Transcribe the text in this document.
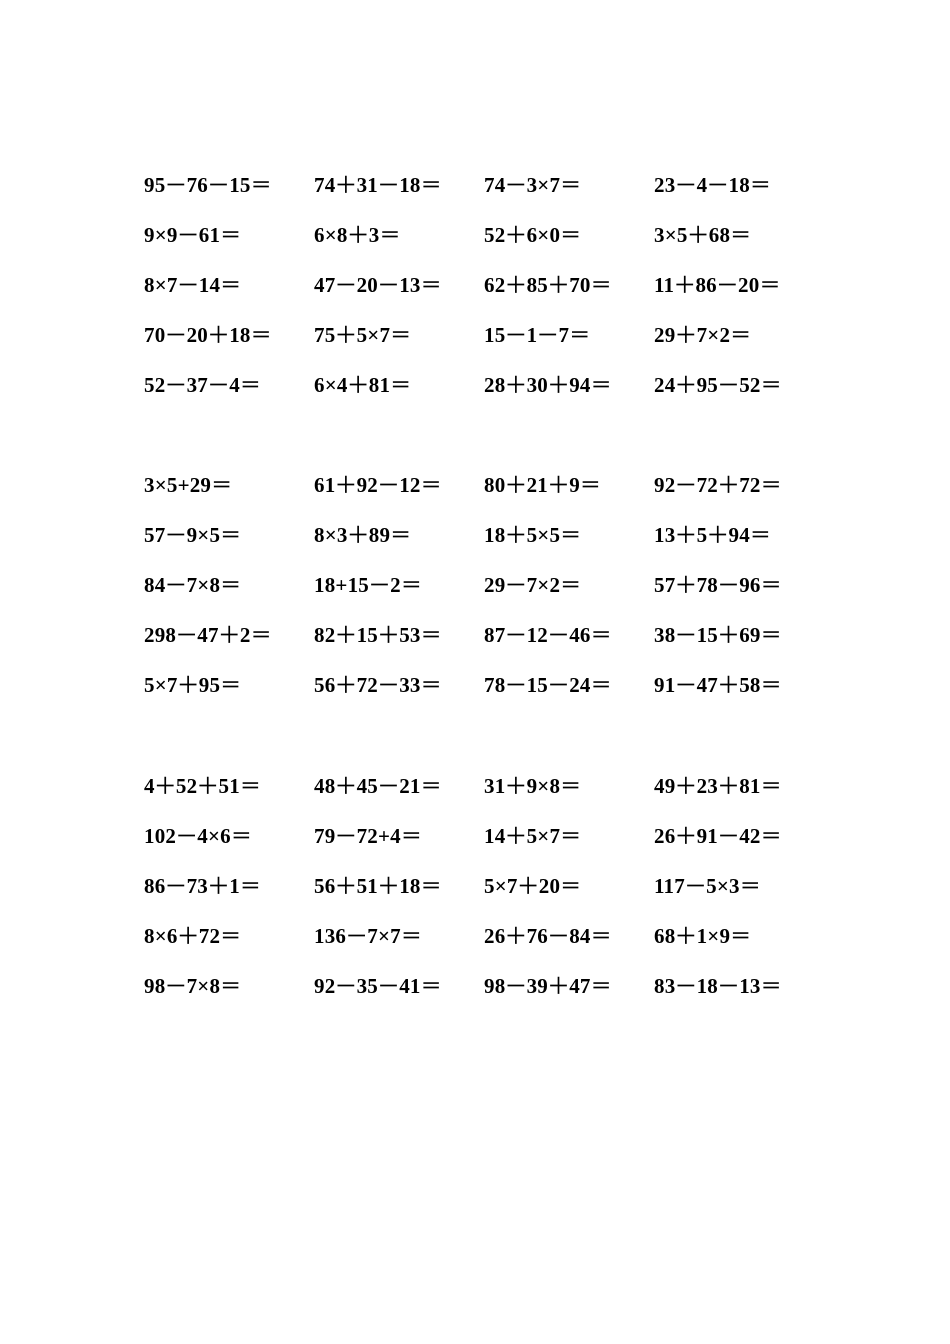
95－76－15＝ 74＋31－18＝ 74－3×7＝	23－4－18＝
9×9－61＝	6×8＋3＝	52＋6×0＝	3×5＋68＝
8×7－14＝	47－20－13＝ 62＋85＋70＝ 11＋86－20＝
70－20＋18＝ 75＋5×7＝	15－1－7＝	29＋7×2＝
52－37－4＝	6×4＋81＝	28＋30＋94＝ 24＋95－52＝
3×5+29＝	61＋92－12＝ 80＋21＋9＝	92－72＋72＝
57－9×5＝	8×3＋89＝	18＋5×5＝	13＋5＋94＝
84－7×8＝	18+15－2＝	29－7×2＝	57＋78－96＝
298－47＋2＝ 82＋15＋53＝ 87－12－46＝ 38－15＋69＝
5×7＋95＝	56＋72－33＝ 78－15－24＝ 91－47＋58＝
4＋52＋51＝	48＋45－21＝ 31＋9×8＝	49＋23＋81＝
102－4×6＝	79－72+4＝	14＋5×7＝	26＋91－42＝
86－73＋1＝	56＋51＋18＝ 5×7＋20＝	117－5×3＝
8×6＋72＝	136－7×7＝	26＋76－84＝ 68＋1×9＝
98－7×8＝	92－35－41＝ 98－39＋47＝ 83－18－13＝
